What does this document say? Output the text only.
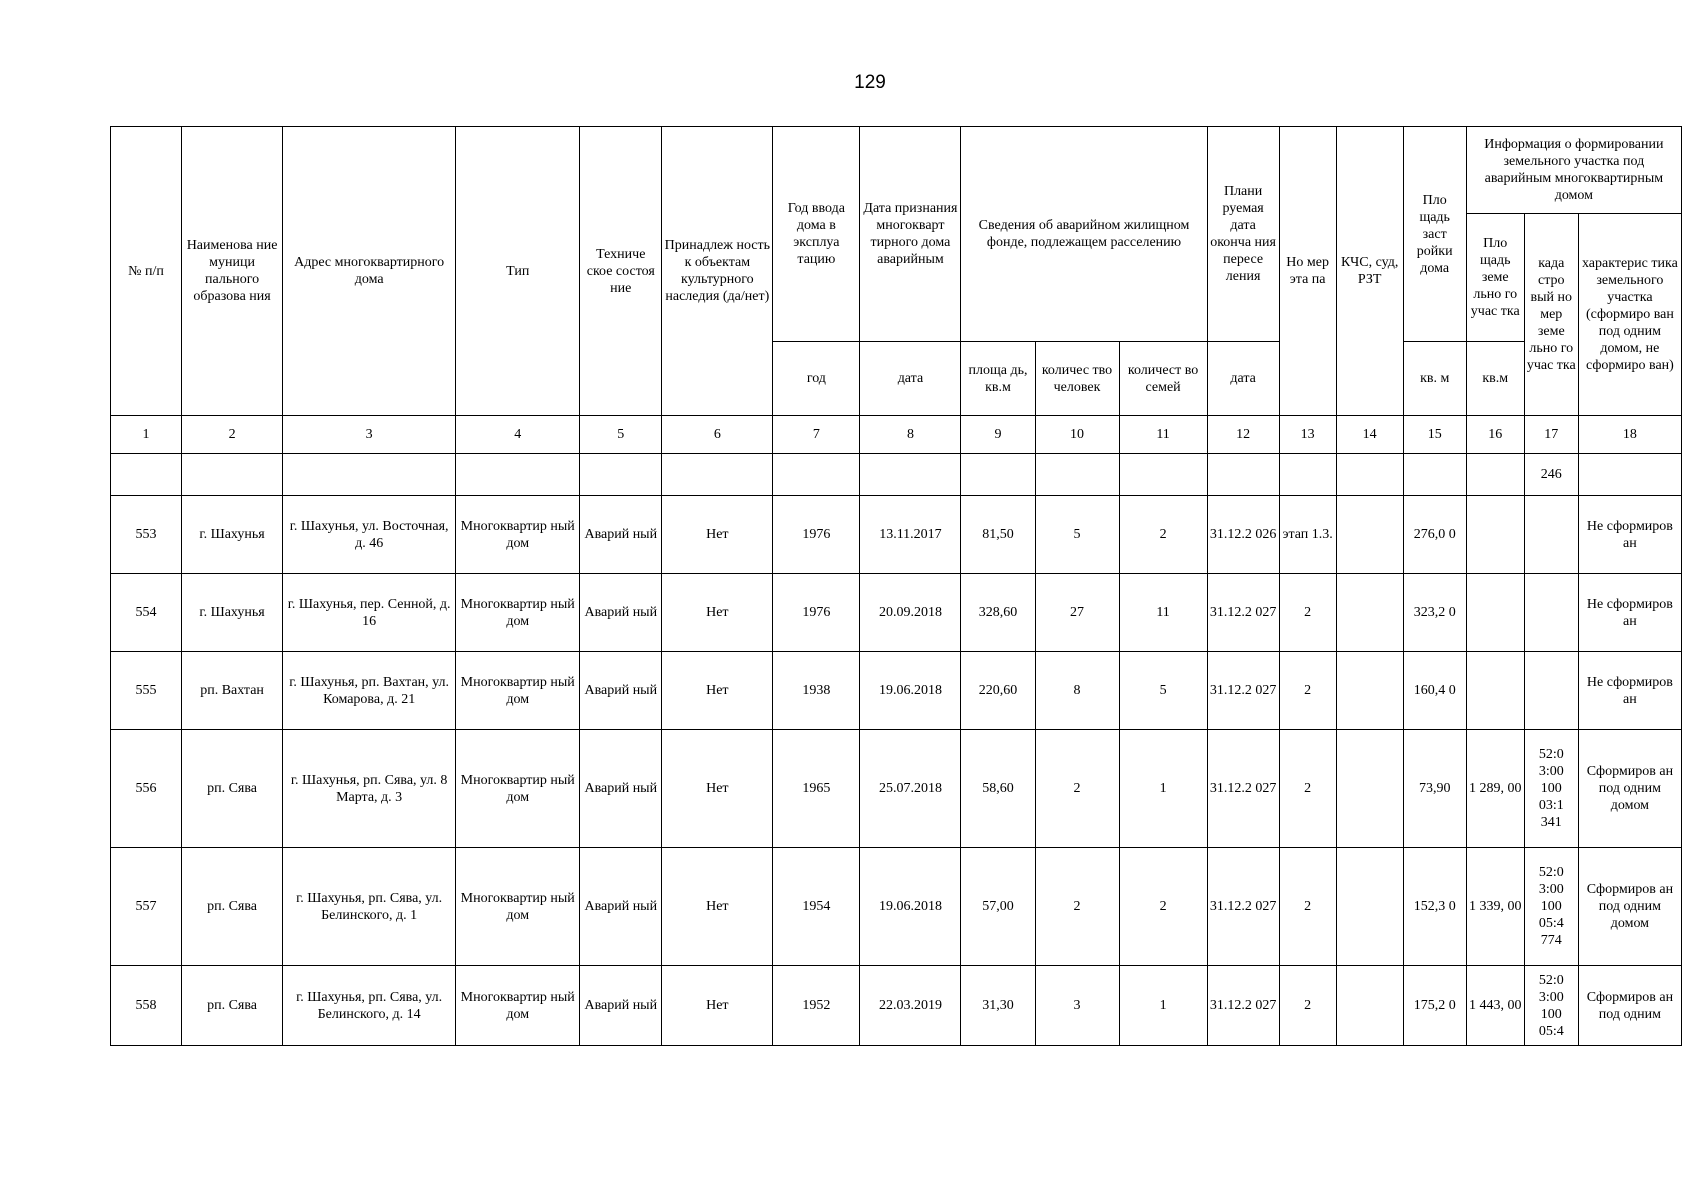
129
№ п/п	Наименова ние муници пального образова ния	Адрес многоквартирного дома	Тип	Техниче ское состоя ние	Принадлеж ность к объектам культурного наследия (да/нет)	Год ввода дома в эксплуа тацию	Дата признания многокварт тирного дома аварийным	Сведения об аварийном жилищном фонде, подлежащем расселению			Плани руемая дата оконча ния пересе ления	Но мер эта па	КЧС, суд, РЗТ	Пло щадь заст ройки дома	Информация о формировании земельного участка под аварийным многоквартирным домом		
															Пло щадь земе льно го учас тка	када стро вый но мер земе льно го учас тка	характерис тика земельного участка (сформиро ван под одним домом, не сформиро ван)
						год	дата	площа дь, кв.м	количес тво человек	количест во семей	дата			кв. м	кв.м		
1	2	3	4	5	6	7	8	9	10	11	12	13	14	15	16	17	18
																246	
553	г. Шахунья	г. Шахунья, ул. Восточная, д. 46	Многоквартир ный дом	Аварий ный	Нет	1976	13.11.2017	81,50	5	2	31.12.2 026	этап 1.3.		276,0 0			Не сформиров ан
554	г. Шахунья	г. Шахунья, пер. Сенной, д. 16	Многоквартир ный дом	Аварий ный	Нет	1976	20.09.2018	328,60	27	11	31.12.2 027	2		323,2 0			Не сформиров ан
555	рп. Вахтан	г. Шахунья, рп. Вахтан, ул. Комарова, д. 21	Многоквартир ный дом	Аварий ный	Нет	1938	19.06.2018	220,60	8	5	31.12.2 027	2		160,4 0			Не сформиров ан
556	рп. Сява	г. Шахунья, рп. Сява, ул. 8 Марта, д. 3	Многоквартир ный дом	Аварий ный	Нет	1965	25.07.2018	58,60	2	1	31.12.2 027	2		73,90	1 289, 00	52:0 3:00 100 03:1 341	Сформиров ан под одним домом
557	рп. Сява	г. Шахунья, рп. Сява, ул. Белинского, д. 1	Многоквартир ный дом	Аварий ный	Нет	1954	19.06.2018	57,00	2	2	31.12.2 027	2		152,3 0	1 339, 00	52:0 3:00 100 05:4 774	Сформиров ан под одним домом
558	рп. Сява	г. Шахунья, рп. Сява, ул. Белинского, д. 14	Многоквартир ный дом	Аварий ный	Нет	1952	22.03.2019	31,30	3	1	31.12.2 027	2		175,2 0	1 443, 00	52:0 3:00 100 05:4	Сформиров ан под одним
